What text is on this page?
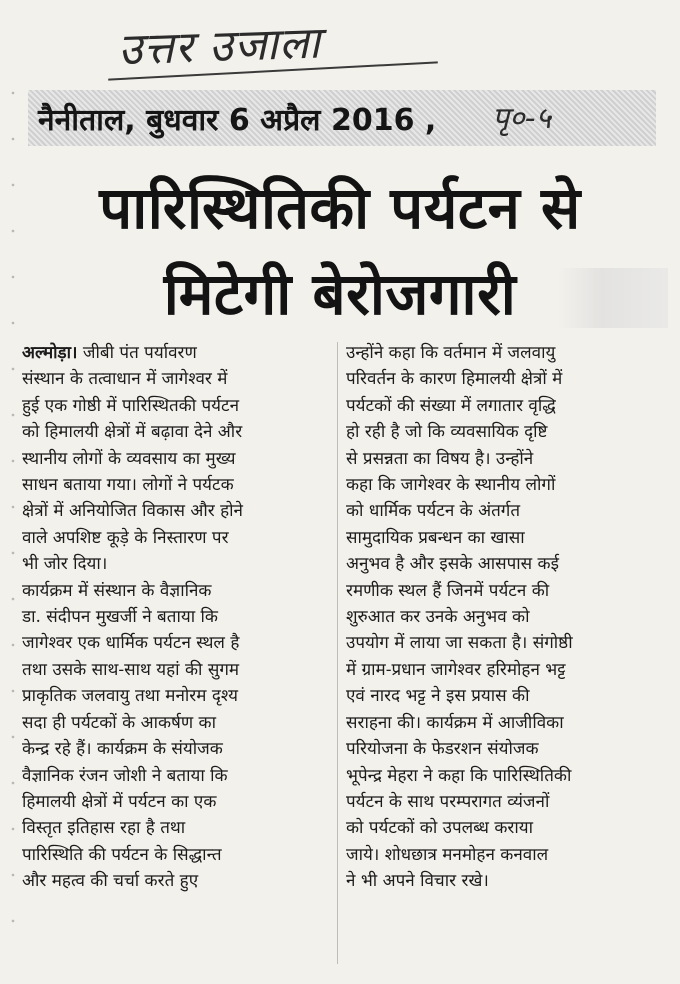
उत्तर उजाला
नैनीताल, बुधवार 6 अप्रैल 2016 , पृ०-५
पारिस्थितिकी पर्यटन से
मिटेगी बेरोजगारी

अल्मोड़ा। जीबी पंत पर्यावरण
संस्थान के तत्वाधान में जागेश्वर में
हुई एक गोष्ठी में पारिस्थितकी पर्यटन
को हिमालयी क्षेत्रों में बढ़ावा देने और
स्थानीय लोगों के व्यवसाय का मुख्य
साधन बताया गया। लोगों ने पर्यटक
क्षेत्रों में अनियोजित विकास और होने
वाले अपशिष्ट कूड़े के निस्तारण पर
भी जोर दिया।

कार्यक्रम में संस्थान के वैज्ञानिक
डा. संदीपन मुखर्जी ने बताया कि
जागेश्वर एक धार्मिक पर्यटन स्थल है
तथा उसके साथ-साथ यहां की सुगम
प्राकृतिक जलवायु तथा मनोरम दृश्य
सदा ही पर्यटकों के आकर्षण का
केन्द्र रहे हैं। कार्यक्रम के संयोजक
वैज्ञानिक रंजन जोशी ने बताया कि
हिमालयी क्षेत्रों में पर्यटन का एक
विस्तृत इतिहास रहा है तथा
पारिस्थिति की पर्यटन के सिद्धान्त
और महत्व की चर्चा करते हुए

उन्होंने कहा कि वर्तमान में जलवायु
परिवर्तन के कारण हिमालयी क्षेत्रों में
पर्यटकों की संख्या में लगातार वृद्धि
हो रही है जो कि व्यवसायिक दृष्टि
से प्रसन्नता का विषय है। उन्होंने
कहा कि जागेश्वर के स्थानीय लोगों
को धार्मिक पर्यटन के अंतर्गत
सामुदायिक प्रबन्धन का खासा
अनुभव है और इसके आसपास कई
रमणीक स्थल हैं जिनमें पर्यटन की
शुरुआत कर उनके अनुभव को
उपयोग में लाया जा सकता है। संगोष्ठी
में ग्राम-प्रधान जागेश्वर हरिमोहन भट्ट
एवं नारद भट्ट ने इस प्रयास की
सराहना की। कार्यक्रम में आजीविका
परियोजना के फेडरशन संयोजक
भूपेन्द्र मेहरा ने कहा कि पारिस्थितिकी
पर्यटन के साथ परम्परागत व्यंजनों
को पर्यटकों को उपलब्ध कराया
जाये। शोधछात्र मनमोहन कनवाल
ने भी अपने विचार रखे।
